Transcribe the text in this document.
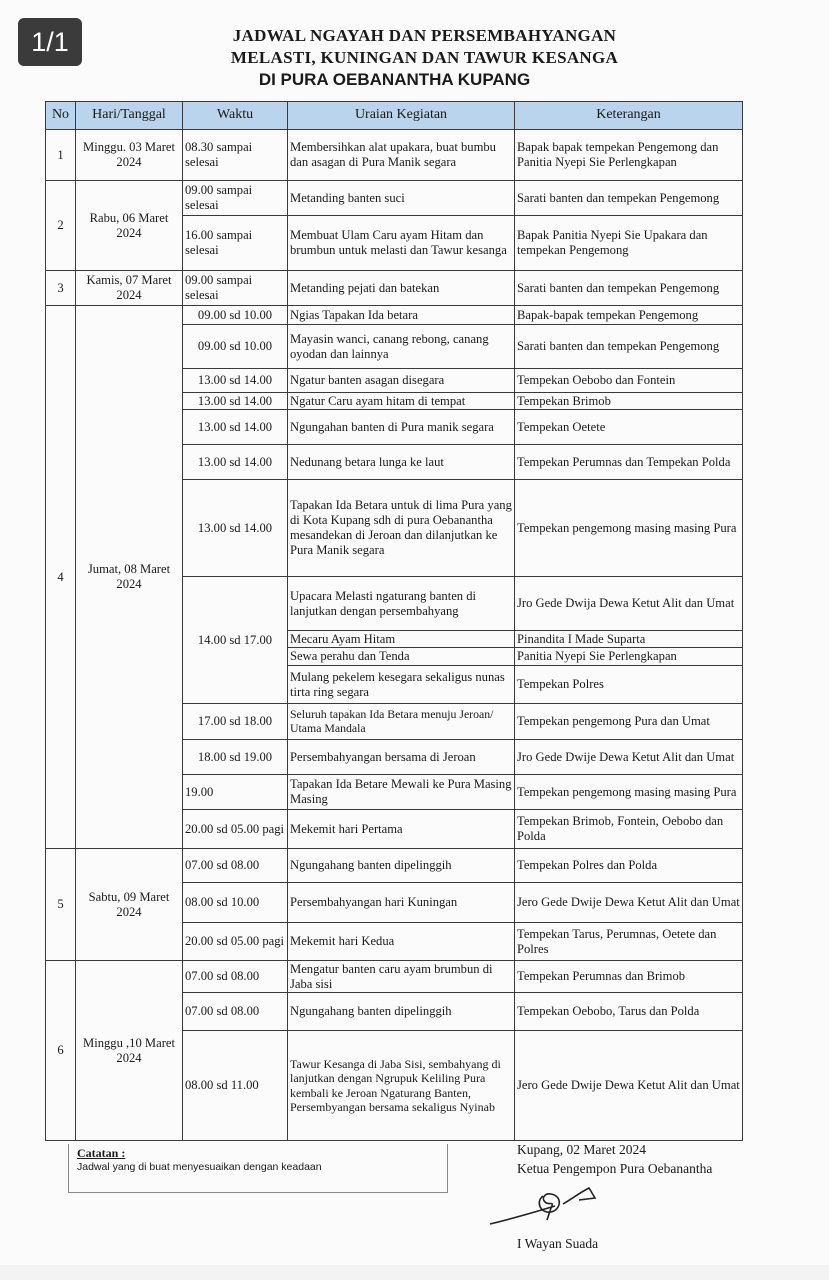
1/1	JADWAL NGAYAH DAN PERSEMBAHYANGAN
MELASTI, KUNINGAN DAN TAWUR KESANGA
DI PURA OEBANANTHA KUPANG
No	Hari/Tanggal	Waktu	Uraian Kegiatan	Keterangan
1	Minggu. 03 Maret 2024	08.30 sampai selesai	Membersihkan alat upakara, buat bumbu dan asagan di Pura Manik segara	Bapak bapak tempekan Pengemong dan Panitia Nyepi Sie Perlengkapan
2	Rabu, 06 Maret 2024	09.00 sampai selesai	Metanding banten suci	Sarati banten dan tempekan Pengemong
		16.00 sampai selesai	Membuat Ulam Caru ayam Hitam dan brumbun untuk melasti dan Tawur kesanga	Bapak Panitia Nyepi Sie Upakara dan tempekan Pengemong
3	Kamis, 07 Maret 2024	09.00 sampai selesai	Metanding pejati dan batekan	Sarati banten dan tempekan Pengemong
4	Jumat, 08 Maret 2024	09.00 sd 10.00	Ngias Tapakan Ida betara	Bapak-bapak tempekan Pengemong
		09.00 sd 10.00	Mayasin wanci, canang rebong, canang oyodan dan lainnya	Sarati banten dan tempekan Pengemong
		13.00 sd 14.00	Ngatur banten asagan disegara	Tempekan Oebobo dan Fontein
		13.00 sd 14.00	Ngatur Caru ayam hitam di tempat	Tempekan Brimob
		13.00 sd 14.00	Ngungahan banten di Pura manik segara	Tempekan Oetete
		13.00 sd 14.00	Nedunang betara lunga ke laut	Tempekan Perumnas dan Tempekan Polda
		13.00 sd 14.00	Tapakan Ida Betara untuk di lima Pura yang di Kota Kupang sdh di pura Oebanantha mesandekan di Jeroan dan dilanjutkan ke Pura Manik segara	Tempekan pengemong masing masing Pura
		14.00 sd 17.00	Upacara Melasti ngaturang banten di lanjutkan dengan persembahyang	Jro Gede Dwija Dewa Ketut Alit dan Umat
			Mecaru Ayam Hitam	Pinandita I Made Suparta
			Sewa perahu dan Tenda	Panitia Nyepi Sie Perlengkapan
			Mulang pekelem kesegara sekaligus nunas tirta ring segara	Tempekan Polres
		17.00 sd 18.00	Seluruh tapakan Ida Betara menuju Jeroan/ Utama Mandala	Tempekan pengemong Pura dan Umat
		18.00 sd 19.00	Persembahyangan bersama di Jeroan	Jro Gede Dwije Dewa Ketut Alit dan Umat
		19.00	Tapakan Ida Betare Mewali ke Pura Masing Masing	Tempekan pengemong masing masing Pura
		20.00 sd 05.00 pagi	Mekemit hari Pertama	Tempekan Brimob, Fontein, Oebobo dan Polda
5	Sabtu, 09 Maret 2024	07.00 sd 08.00	Ngungahang banten dipelinggih	Tempekan Polres dan Polda
		08.00 sd 10.00	Persembahyangan hari Kuningan	Jero Gede Dwije Dewa Ketut Alit dan Umat
		20.00 sd 05.00 pagi	Mekemit hari Kedua	Tempekan Tarus, Perumnas, Oetete dan Polres
6	Minggu ,10 Maret 2024	07.00 sd 08.00	Mengatur banten caru ayam brumbun di Jaba sisi	Tempekan Perumnas dan Brimob
		07.00 sd 08.00	Ngungahang banten dipelinggih	Tempekan Oebobo, Tarus dan Polda
		08.00 sd 11.00	Tawur Kesanga di Jaba Sisi, sembahyang di lanjutkan dengan Ngrupuk Keliling Pura kembali ke Jeroan Ngaturang Banten, Persembyangan bersama sekaligus Nyinab	Jero Gede Dwije Dewa Ketut Alit dan Umat
Catatan :
Jadwal yang di buat menyesuaikan dengan keadaan
Kupang, 02 Maret 2024
Ketua Pengempon Pura Oebanantha
I Wayan Suada
